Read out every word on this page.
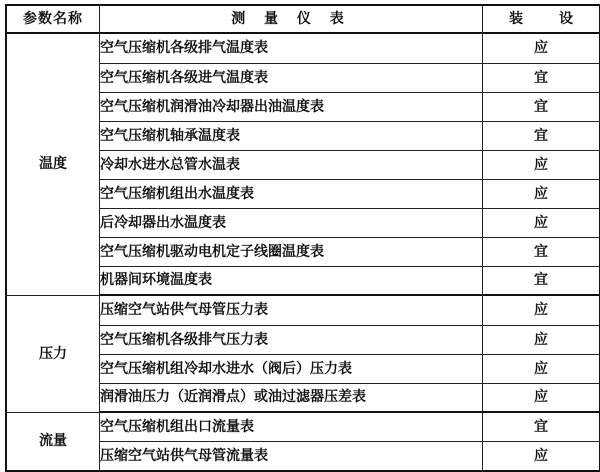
参数名称	测 量 仪 表	装 设
温度	空气压缩机各级排气温度表	应
	空气压缩机各级进气温度表	宜
	空气压缩机润滑油冷却器出油温度表	宜
	空气压缩机轴承温度表	宜
	冷却水进水总管水温表	应
	空气压缩机组出水温度表	应
	后冷却器出水温度表	应
	空气压缩机驱动电机定子线圈温度表	宜
	机器间环境温度表	宜
压力	压缩空气站供气母管压力表	应
	空气压缩机各级排气压力表	应
	空气压缩机组冷却水进水（阀后）压力表	应
	润滑油压力（近润滑点）或油过滤器压差表	应
流量	空气压缩机组出口流量表	宜
	压缩空气站供气母管流量表	应
